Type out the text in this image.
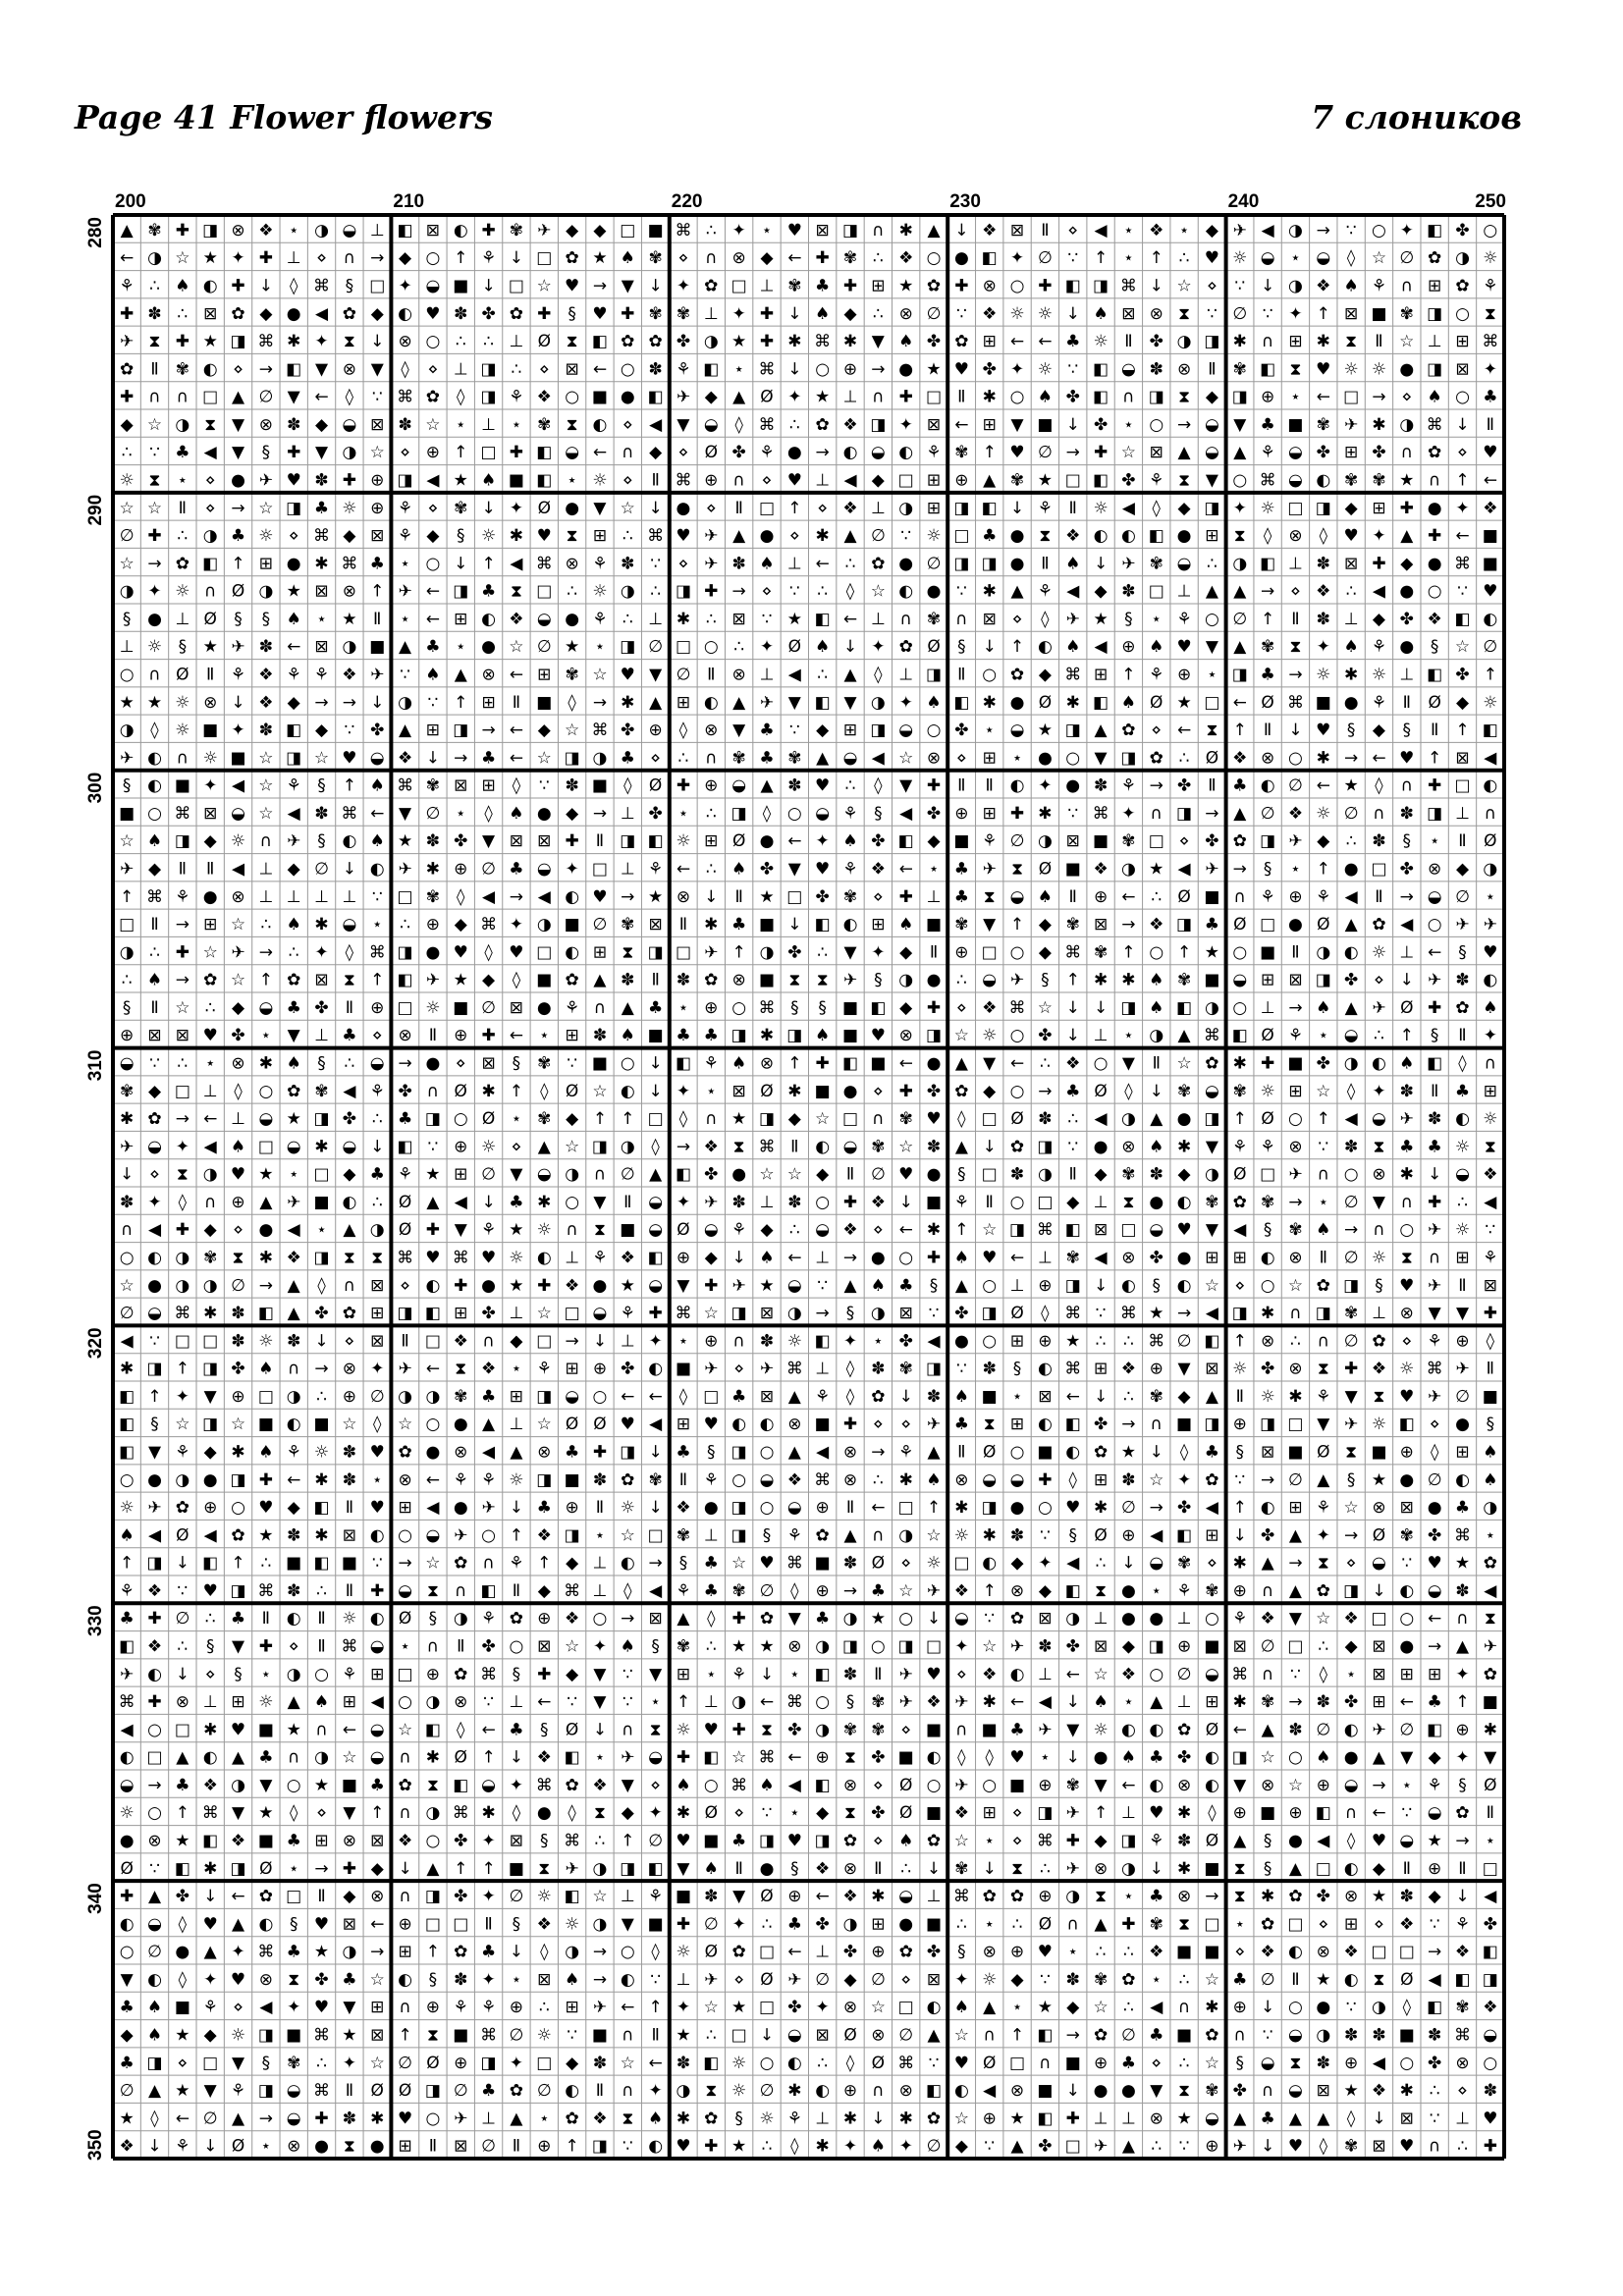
Page 41 Flower flowers	7 слоников
▲ ✾ ✚ ◨ ⊗ ❖ ⋆ ◑ ◒ ⊥ ◧ ⊠ ◐ ✚ ✾ ✈ ◆ ◆ □ ■ ⌘ ∴ ✦ ⋆ ♥ ⊠ ◨ ∩ ✱ ▲ ↓ ❖ ⊠ Ⅱ ⋄ ◀ ⋆ ❖ ⋆ ◆ ✈ ◀ ◑ → ∵ ○ ✦ ◧ ✤ ○
← ◑ ☆ ★ ✦ ✚ ⊥ ⋄ ∩ → ◆ ○ ↑ ⚘ ↓ □ ✿ ★ ♠ ✾ ⋄ ∩ ⊗ ◆ ← ✚ ✾ ∴ ❖ ○ ● ◧ ✦ ∅ ∵ ↑ ⋆ ↑ ∴ ♥ ☼ ◒ ⋆ ◒ ◊ ☆ ∅ ✿ ◑ ☼
⚘ ∴ ♠ ◐ ✚ ↓ ◊ ⌘ § □ ✦ ◒ ■ ↓ □ ☆ ♥ → ▼ ↓ ✦ ✿ □ ⊥ ✾ ♣ ✚ ⊞ ★ ✿ ✚ ⊗ ○ ✚ ◧ ◨ ⌘ ↓ ☆ ⋄ ∵ ↓ ◑ ❖ ♠ ⚘ ∩ ⊞ ✿ ⚘
✚ ✽ ∴ ⊠ ✿ ◆ ● ◀ ✿ ◆ ◐ ♥ ✽ ✤ ✿ ✚ § ♥ ✚ ✾ ✾ ⊥ ✦ ✚ ↓ ♠ ◆ ∴ ⊗ ∅ ∵ ❖ ☼ ☼ ↓ ♠ ⊠ ⊗ ⧗ ∵ ∅ ∵ ✦ ↑ ⊠ ■ ✾ ◨ ○ ⧗
✈ ⧗ ✚ ★ ◨ ⌘ ✱ ✦ ⧗ ↓ ⊗ ○ ∴ ∴ ⊥ Ø ⧗ ◧ ✿ ✿ ✤ ◑ ★ ✚ ✱ ⌘ ✱ ▼ ♠ ✤ ✿ ⊞ ← ← ♣ ☼ Ⅱ ✤ ◑ ◨ ✱ ∩ ⊞ ✱ ⧗ Ⅱ ☆ ⊥ ⊞ ⌘
✿ Ⅱ ✾ ◐ ⋄ → ◧ ▼ ⊗ ▼ ◊ ⋄ ⊥ ◨ ∴ ⋄ ⊠ ← ○ ✽ ⚘ ◧ ⋆ ⌘ ↓ ○ ⊕ → ● ★ ♥ ✤ ✦ ☼ ∵ ◧ ◒ ✽ ⊗ Ⅱ ✾ ◧ ⧗ ♥ ☼ ☼ ● ◨ ⊠ ✦
✚ ∩ ∩ □ ▲ ∅ ▼ ← ◊ ∵ ⌘ ✿ ◊ ◨ ⚘ ❖ ○ ■ ● ◧ ✈ ◆ ▲ Ø ✦ ★ ⊥ ∩ ✚ □ Ⅱ ✱ ○ ♠ ✤ ◧ ∩ ◨ ⧗ ◆ ◨ ⊕ ⋆ ← □ → ⋄ ♠ ○ ♣
◆ ☆ ◑ ⧗ ▼ ⊗ ✽ ◆ ◒ ⊠ ✽ ☆ ⋆ ⊥ ⋆ ✾ ⧗ ◐ ⋄ ◀ ▼ ◒ ◊ ⌘ ∴ ✿ ❖ ◨ ✦ ⊠ ← ⊞ ▼ ■ ↓ ✤ ⋆ ○ → ◒ ▼ ♣ ■ ✾ ✈ ✱ ◑ ⌘ ↓ Ⅱ
∴ ∵ ♣ ◀ ▼ § ✚ ▼ ◑ ☆ ⋄ ⊕ ↑ □ ✚ ◧ ◒ ← ∩ ◆ ⋄ Ø ✤ ⚘ ● → ◐ ◒ ◐ ⚘ ✾ ↑ ♥ ∅ → ✚ ☆ ⊠ ▲ ◒ ▲ ⚘ ◒ ✤ ⊞ ✤ ∩ ✿ ⋄ ♥
☼ ⧗ ⋆ ⋄ ● ✈ ♥ ✽ ✚ ⊕ ◨ ◀ ★ ♠ ■ ◧ ⋆ ☼ ⋄ Ⅱ ⌘ ⊕ ∩ ⋄ ♥ ⊥ ◀ ◆ □ ⊞ ⊕ ▲ ✾ ★ □ ◧ ✤ ⚘ ⧗ ▼ ○ ⌘ ◒ ◐ ✾ ✾ ★ ∩ ↑ ←
☆ ☆ Ⅱ ⋄ → ☆ ◨ ♣ ☼ ⊕ ⚘ ⋄ ✾ ↓ ✦ Ø ● ▼ ☆ ↓ ● ⋄ Ⅱ □ ↑ ⋄ ❖ ⊥ ◑ ⊞ ◨ ◧ ↓ ⚘ Ⅱ ☼ ◀ ◊ ◆ ◨ ✦ ☼ □ ◨ ◆ ⊞ ✚ ● ✦ ❖
∅ ✚ ∴ ◑ ♣ ☼ ⋄ ⌘ ◆ ⊠ ⚘ ◆ § ☼ ✱ ♥ ⧗ ⊞ ∴ ⌘ ♥ ✈ ▲ ● ⋄ ✱ ▲ ∅ ∵ ☼ □ ♣ ● ⧗ ❖ ◐ ◐ ◧ ● ⊞ ⧗ ◊ ⊗ ◊ ♥ ✦ ▲ ✚ ← ■
☆ → ✿ ◧ ↑ ⊞ ● ✱ ⌘ ♣ ⋆ ○ ↓ ↑ ◀ ⌘ ⊗ ⚘ ✽ ∵ ⋄ ✈ ✽ ♠ ⊥ ← ∴ ✿ ● ∅ ◨ ◨ ● Ⅱ ♠ ↓ ✈ ✾ ◒ ∴ ◑ ◧ ⊥ ✽ ⊠ ✚ ◆ ● ⌘ ■
◑ ✦ ☼ ∩ Ø ◑ ★ ⊠ ⊗ ↑ ✈ ← ◨ ♣ ⧗ □ ∴ ☼ ◑ ∴ ◨ ✚ → ⋄ ∵ ∴ ◊ ☆ ◐ ● ∵ ✱ ▲ ⚘ ◀ ◆ ✽ □ ⊥ ▲ ▲ → ⋄ ❖ ∴ ◀ ● ○ ∵ ♥
§ ● ⊥ Ø § § ♠ ⋆ ★ Ⅱ ⋆ ← ⊞ ◐ ❖ ◒ ● ⚘ ∴ ⊥ ✱ ∴ ⊠ ∵ ★ ◧ ← ⊥ ∩ ✾ ∩ ⊠ ⋄ ◊ ✈ ★ § ⋆ ⚘ ○ ∅ ↑ Ⅱ ✽ ⊥ ◆ ✤ ❖ ◧ ◐
⊥ ☼ § ★ ✈ ✽ ← ⊠ ◑ ■ ▲ ♣ ⋆ ● ☆ ∅ ★ ⋆ ◨ ∅ □ ○ ∴ ✦ Ø ♠ ↓ ✦ ✿ Ø § ↓ ↑ ◐ ♠ ◀ ⊕ ♠ ♥ ▼ ▲ ✾ ⧗ ✦ ♠ ⚘ ● § ☆ ∅
○ ∩ Ø Ⅱ ⚘ ❖ ⚘ ⚘ ❖ ✈ ∵ ♠ ▲ ⊗ ← ⊞ ✾ ☆ ♥ ▼ ∅ Ⅱ ⊗ ⊥ ◀ ∴ ▲ ◊ ⊥ ◨ Ⅱ ○ ✿ ◆ ⌘ ⊞ ↑ ⚘ ⊕ ⋆ ◨ ♣ → ☼ ✱ ☼ ⊥ ◧ ✤ ↑
★ ★ ☼ ⊗ ↓ ❖ ◆ → → ↓ ◑ ∵ ↑ ⊞ Ⅱ ■ ◊ → ✱ ▲ ⊞ ◐ ▲ ✈ ▼ ◧ ▼ ◑ ✦ ♠ ◧ ✱ ● Ø ✱ ◧ ♠ Ø ★ □ ← Ø ⌘ ■ ● ⚘ Ⅱ Ø ◆ ☼
◑ ◊ ☼ ■ ✦ ✽ ◧ ◆ ∵ ✤ ▲ ⊞ ◨ → ← ◆ ☆ ⌘ ✤ ⊕ ◊ ⊗ ▼ ♣ ∵ ◆ ⊞ ◨ ◒ ○ ✤ ⋆ ◒ ★ ◨ ▲ ✿ ⋄ ← ⧗ ↑ Ⅱ ↓ ♥ § ◆ § Ⅱ ↑ ◧
✈ ◐ ∩ ☼ ■ ☆ ◨ ☆ ♥ ◒ ❖ ↓ → ♣ ← ☆ ◨ ◑ ♣ ⋄ ∴ ∩ ✾ ♣ ✾ ▲ ◒ ◀ ☆ ⊗ ⋄ ⊞ ⋆ ● ○ ▼ ◨ ✿ ∴ Ø ❖ ⊗ ○ ✱ → ← ♥ ↑ ⊠ ◀
§ ◐ ■ ✦ ◀ ☆ ⚘ § ↑ ♠ ⌘ ✾ ⊠ ⊞ ◊ ∵ ✽ ■ ◊ Ø ✚ ⊕ ◒ ▲ ✽ ♥ ∴ ◊ ▼ ✚ Ⅱ Ⅱ ◐ ✦ ● ✽ ⚘ → ✤ Ⅱ ♣ ◐ ∅ ← ★ ◊ ∩ ✚ □ ◐
■ ○ ⌘ ⊠ ◒ ☆ ◀ ✽ ⌘ ← ▼ ∅ ⋆ ◊ ♠ ● ◆ → ⊥ ✤ ⋆ ∴ ◨ ◊ ○ ◒ ⚘ § ◀ ✤ ⊕ ⊞ ✚ ✱ ∵ ⌘ ✦ ∩ ◨ → ▲ ∅ ❖ ☼ ∅ ∩ ✽ ◨ ⊥ ∩
☆ ♠ ◨ ◆ ☼ ∩ ✈ § ◐ ♠ ★ ✽ ✤ ▼ ⊠ ⊠ ✚ Ⅱ ◨ ◧ ☼ ⊞ Ø ● ← ✦ ♠ ✤ ◧ ◆ ■ ⚘ ∅ ◑ ⊠ ■ ✾ □ ⋄ ✤ ✿ ◨ ✈ ◆ ∴ ✽ § ⋆ Ⅱ Ø
✈ ◆ Ⅱ Ⅱ ◀ ⊥ ◆ ∅ ↓ ◐ ✈ ✱ ⊕ ∅ ♣ ◒ ✦ □ ⊥ ⚘ ← ∴ ♠ ✤ ▼ ♥ ⚘ ❖ ← ⋆ ♣ ✈ ⧗ Ø ■ ❖ ◑ ★ ◀ ✈ → § ⋆ ↑ ● □ ✤ ⊗ ◆ ◑
↑ ⌘ ⚘ ● ⊗ ⊥ ⊥ ⊥ ⊥ ∵ □ ✾ ◊ ◀ → ◀ ◐ ♥ → ★ ⊗ ↓ Ⅱ ★ □ ✤ ✾ ⋄ ✚ ⊥ ♣ ⧗ ◒ ♠ Ⅱ ⊕ ← ∴ Ø ■ ∩ ⚘ ⊕ ⚘ ◀ Ⅱ → ◒ ∅ ⋆
□ Ⅱ → ⊞ ☆ ∴ ♠ ✱ ◒ ⋆ ∴ ⊕ ◆ ⌘ ✦ ◑ ■ ∅ ✾ ⊠ Ⅱ ✱ ♣ ■ ↓ ◧ ◐ ⊞ ♠ ■ ✾ ▼ ↑ ◆ ✾ ⊠ → ❖ ◨ ♣ Ø □ ● Ø ▲ ✿ ◀ ○ ✈ ✈
◑ ∴ ✚ ☆ ✈ → ∴ ✦ ◊ ⌘ ◨ ● ♥ ◊ ♥ □ ◐ ⊞ ⧗ ◨ □ ✈ ↑ ◑ ✤ ∴ ▼ ✦ ◆ Ⅱ ⊕ □ ○ ◆ ⌘ ✾ ↑ ○ ↑ ★ ○ ■ Ⅱ ◑ ◐ ☼ ⊥ ← § ♥
∴ ♠ → ✿ ☆ ↑ ✿ ⊠ ⧗ ↑ ◧ ✈ ★ ◆ ◊ ■ ✿ ▲ ✽ Ⅱ ✽ ✿ ⊗ ■ ⧗ ⧗ ✈ § ◑ ● ∴ ◒ ✈ § ↑ ✱ ✱ ♠ ✾ ■ ◒ ⊞ ⊠ ◨ ✤ ⋄ ↓ ✈ ✽ ◐
§ Ⅱ ☆ ∴ ◆ ◒ ♣ ✤ Ⅱ ⊕ □ ☼ ■ ∅ ⊠ ● ⚘ ∩ ▲ ♣ ⋆ ⊕ ○ ⌘ § § ■ ◧ ◆ ✚ ⋄ ❖ ⌘ ☆ ↓ ↓ ◨ ♠ ◧ ◑ ○ ⊥ → ♠ ▲ ✈ Ø ✚ ✿ ♠
⊕ ⊠ ⊠ ♥ ✤ ⋆ ▼ ⊥ ♣ ⋄ ⊗ Ⅱ ⊕ ✚ ← ⋆ ⊞ ✽ ♠ ■ ♣ ♣ ◨ ✱ ◨ ♠ ■ ♥ ⊗ ◨ ☆ ☼ ○ ✤ ↓ ⊥ ⋆ ◑ ▲ ⌘ ◧ Ø ⚘ ⋆ ◒ ∴ ↑ § Ⅱ ✦
◒ ∵ ∴ ⋆ ⊗ ✱ ♠ § ∴ ◒ → ● ⋄ ⊠ § ✾ ∵ ■ ○ ↓ ◧ ⚘ ♠ ⊗ ↑ ✚ ◧ ■ ← ● ▲ ▼ ← ∴ ❖ ○ ▼ Ⅱ ☆ ✿ ✱ ✚ ■ ✤ ◑ ◐ ♠ ◧ ◊ ∩
✾ ◆ □ ⊥ ◊ ○ ✿ ✾ ◀ ⚘ ✤ ∩ Ø ✱ ↑ ◊ Ø ☆ ◐ ↓ ✦ ⋆ ⊠ Ø ✱ ■ ● ⋄ ✚ ✤ ✿ ◆ ○ → ♣ Ø ◊ ↓ ✾ ◒ ✾ ☼ ⊞ ☆ ◊ ✦ ✽ Ⅱ ♣ ⊞
✱ ✿ → ← ⊥ ◒ ★ ◨ ✤ ∴ ♣ ◨ ○ Ø ⋆ ✾ ◆ ↑ ↑ □ ◊ ∩ ★ ◨ ◆ ☆ □ ∩ ✾ ♥ ◊ □ Ø ✽ ∴ ◀ ◑ ▲ ● ◨ ↑ Ø ○ ↑ ◀ ◒ ✈ ✽ ◐ ☼
✈ ◒ ✦ ◀ ♠ □ ◒ ✱ ◒ ↓ ◧ ∵ ⊕ ☼ ⋄ ▲ ☆ ◨ ◑ ◊ → ❖ ⧗ ⌘ Ⅱ ◐ ◒ ✾ ☆ ✽ ▲ ↓ ✿ ◨ ∵ ● ⊗ ♠ ✱ ▼ ⚘ ⚘ ⊗ ∵ ✽ ⧗ ♣ ♣ ☼ ⧗
↓ ⋄ ⧗ ◑ ♥ ★ ⋆ □ ◆ ♣ ⚘ ★ ⊞ ∅ ▼ ◒ ◑ ∩ ∅ ▲ ◧ ✤ ● ☆ ☆ ◆ Ⅱ ∅ ♥ ● § □ ✽ ◑ Ⅱ ◆ ✾ ✽ ◆ ◑ Ø □ ✈ ∩ ○ ⊗ ✱ ↓ ◒ ❖
✽ ✦ ◊ ∩ ⊕ ▲ ✈ ■ ◐ ∴ Ø ▲ ◀ ↓ ♣ ✱ ○ ▼ Ⅱ ◒ ✦ ✈ ✽ ⊥ ✽ ○ ✚ ❖ ↓ ■ ⚘ Ⅱ ○ □ ◆ ⊥ ⧗ ● ◐ ✾ ✿ ✾ → ⋆ ∅ ▼ ∩ ✚ ∴ ◀
∩ ◀ ✚ ◆ ⋄ ● ◀ ⋆ ▲ ◑ Ø ✚ ▼ ⚘ ★ ☼ ∩ ⧗ ■ ◒ Ø ◒ ⚘ ◆ ∴ ◒ ❖ ⋄ ← ✱ ↑ ☆ ◨ ⌘ ◧ ⊠ □ ◒ ♥ ▼ ◀ § ✾ ♠ → ∩ ○ ✈ ☼ ∵
○ ◐ ◑ ✾ ⧗ ✱ ❖ ◨ ⧗ ⧗ ⌘ ♥ ⌘ ♥ ☼ ◐ ⊥ ⚘ ❖ ◧ ⊕ ◆ ↓ ♠ ← ⊥ → ● ○ ✚ ♠ ♥ ← ⊥ ✾ ◀ ⊗ ✤ ● ⊞ ⊞ ◐ ⊗ Ⅱ ∅ ☼ ⧗ ∩ ⊞ ⚘
☆ ● ◑ ◑ ∅ → ▲ ◊ ∩ ⊠ ⋄ ◐ ✚ ● ★ ✚ ❖ ● ★ ◒ ▼ ✚ ✈ ★ ◒ ∵ ▲ ♠ ♣ § ▲ ○ ⊥ ⊕ ◨ ↓ ◐ § ◐ ☆ ⋄ ○ ☆ ✿ ◨ § ♥ ✈ Ⅱ ⊠
∅ ◒ ⌘ ✱ ✽ ◧ ▲ ✤ ✿ ⊞ ◨ ◧ ⊞ ✤ ⊥ ☆ □ ◒ ⚘ ✚ ⌘ ☆ ◨ ⊠ ◑ → § ◑ ⊠ ∵ ✤ ◨ Ø ◊ ⌘ ∵ ⌘ ★ → ◀ ◨ ✱ ∩ ◨ ✾ ⊥ ⊗ ▼ ▼ ✚
◀ ∵ □ □ ✽ ☼ ✽ ↓ ⋄ ⊠ Ⅱ □ ❖ ∩ ◆ □ → ↓ ⊥ ✦ ⋆ ⊕ ∩ ✽ ☼ ◧ ✦ ⋆ ✤ ◀ ● ○ ⊞ ⊕ ★ ∴ ∴ ⌘ ∅ ◧ ↑ ⊗ ∴ ∩ ∅ ✿ ⋄ ⚘ ⊕ ◊
✱ ◨ ↑ ◨ ✤ ♠ ∩ → ⊗ ✦ ✈ ← ⧗ ❖ ⋆ ⚘ ⊞ ⊕ ✤ ◐ ■ ✈ ⋄ ✈ ⌘ ⊥ ◊ ✽ ✾ ◨ ∵ ✽ § ◐ ⌘ ⊞ ❖ ⊕ ▼ ⊠ ☼ ✤ ⊗ ⧗ ✚ ❖ ☼ ⌘ ✈ Ⅱ
◧ ↑ ✦ ▼ ⊕ □ ◑ ∴ ⊕ ∅ ◑ ◑ ✾ ♣ ⊞ ◨ ◒ ○ ← ← ◊ □ ♣ ⊠ ▲ ⚘ ◊ ✿ ↓ ✽ ♠ ■ ⋆ ⊠ ← ↓ ∴ ✾ ◆ ▲ Ⅱ ☼ ✱ ⚘ ▼ ⧗ ♥ ✈ ∅ ■
◧ § ☆ ◨ ☆ ■ ◐ ■ ☆ ◊ ☆ ○ ● ▲ ⊥ ☆ Ø Ø ♥ ◀ ⊞ ♥ ◐ ◐ ⊗ ■ ✚ ⋄ ⋄ ✈ ♣ ⧗ ⊞ ◐ ◧ ✤ → ∩ ■ ◨ ⊕ ◨ □ ▼ ✈ ☼ ◧ ⋄ ● §
◧ ▼ ⚘ ◆ ✱ ♠ ⚘ ☼ ✽ ♥ ✿ ● ⊗ ◀ ▲ ⊗ ♣ ✚ ◨ ↓ ♣ § ◨ ○ ▲ ◀ ⊗ → ⚘ ▲ Ⅱ Ø ○ ■ ◐ ✿ ★ ↓ ◊ ♣ § ⊠ ■ Ø ⧗ ■ ⊕ ◊ ⊞ ♠
○ ● ◑ ● ◨ ✚ ← ✱ ✽ ⋆ ⊗ ← ⚘ ⚘ ☼ ◨ ■ ✽ ✿ ✾ Ⅱ ⚘ ○ ◒ ❖ ⌘ ⊗ ∴ ✱ ♠ ⊗ ◒ ◒ ✚ ◊ ⊞ ✽ ☆ ✦ ✿ ∵ → ∅ ▲ § ★ ● ∅ ◐ ♠
☼ ✈ ✿ ⊕ ○ ♥ ◆ ◧ Ⅱ ♥ ⊞ ◀ ● ✈ ↓ ♣ ⊕ Ⅱ ☼ ↓ ❖ ● ◨ ○ ◒ ⊕ Ⅱ ← □ ↑ ✱ ◨ ● ○ ♥ ✱ ∅ → ✤ ◀ ↑ ◐ ⊞ ⚘ ☆ ⊗ ⊠ ● ♣ ◑
♠ ◀ Ø ◀ ✿ ★ ✽ ✱ ⊠ ◐ ○ ◒ ✈ ○ ↑ ❖ ◨ ⋆ ☆ □ ✾ ⊥ ◨ § ⚘ ✿ ▲ ∩ ◑ ☆ ☼ ✱ ✽ ∵ § Ø ⊕ ◀ ◧ ⊞ ↓ ✤ ▲ ✦ → Ø ✾ ✤ ⌘ ⋆
↑ ◨ ↓ ◧ ↑ ∴ ■ ◧ ■ ∵ → ☆ ✿ ∩ ⚘ ↑ ◆ ⊥ ◐ → § ♣ ☆ ♥ ⌘ ■ ✽ Ø ⋄ ☼ □ ◐ ◆ ✦ ◀ ∴ ↓ ◒ ✾ ⋄ ✱ ▲ → ⧗ ⋄ ◒ ∵ ♥ ★ ✿
⚘ ❖ ∵ ♥ ◨ ⌘ ✽ ∴ Ⅱ ✚ ◒ ⧗ ∩ ◧ Ⅱ ◆ ⌘ ⊥ ◊ ◀ ⚘ ♣ ✾ ∅ ◊ ⊕ → ♣ ☆ ✈ ❖ ↑ ⊗ ◆ ◧ ⧗ ● ⋆ ⚘ ✾ ⊕ ∩ ▲ ✿ ◨ ↓ ◐ ◒ ✽ ◀
♣ ✚ ∅ ∴ ♣ Ⅱ ◐ Ⅱ ☼ ◐ Ø § ◑ ⚘ ✿ ⊕ ❖ ○ → ⊠ ▲ ◊ ✚ ✿ ▼ ♣ ◑ ★ ○ ↓ ◒ ∵ ✿ ⊠ ◑ ⊥ ● ● ⊥ ○ ⚘ ❖ ▼ ☆ ❖ □ ○ ← ∩ ⧗
◧ ❖ ∴ § ▼ ✚ ⋄ Ⅱ ⌘ ◒ ⋆ ∩ Ⅱ ✤ ○ ⊠ ☆ ✦ ♠ § ✾ ∴ ★ ★ ⊗ ◑ ◨ ○ ◨ □ ✦ ☆ ✈ ✽ ✤ ⊠ ◆ ◨ ⊕ ■ ⊠ ∅ □ ∴ ◆ ⊠ ● → ▲ ✈
✈ ◐ ↓ ⋄ § ⋆ ◑ ○ ⚘ ⊞ □ ⊕ ✿ ⌘ § ✚ ◆ ▼ ∵ ▼ ⊞ ⋆ ⚘ ↓ ⋆ ◧ ✽ Ⅱ ✈ ♥ ⋄ ❖ ◐ ⊥ ← ☆ ❖ ○ ∅ ◒ ⌘ ∩ ∵ ◊ ⋆ ⊠ ⊞ ⊞ ✦ ✿
⌘ ✚ ⊗ ⊥ ⊞ ☼ ▲ ♠ ⊞ ◀ ○ ◑ ⊗ ∵ ⊥ ← ∵ ▼ ∵ ⋆ ↑ ⊥ ◑ ← ⌘ ○ § ✾ ✈ ❖ ✈ ✱ ← ◀ ↓ ♠ ⋆ ▲ ⊥ ⊞ ✱ ✾ → ✽ ✤ ⊞ ← ♣ ↑ ■
◀ ○ □ ✱ ♥ ■ ★ ∩ ← ◒ ☆ ◧ ◊ ← ♣ § Ø ↓ ∩ ⧗ ☼ ♥ ✚ ⧗ ✤ ◑ ✾ ✾ ⋄ ■ ∩ ■ ♣ ✈ ▼ ☼ ◐ ◐ ✿ Ø ← ▲ ✽ ∅ ◐ ✈ ∅ ◧ ⊕ ✱
◐ □ ▲ ◐ ▲ ♣ ∩ ◑ ☆ ◒ ∩ ✱ Ø ↑ ↓ ❖ ◧ ⋆ ✈ ◒ ✚ ◧ ☆ ⌘ ← ⊕ ⧗ ✤ ■ ◐ ◊ ◊ ♥ ⋆ ↓ ● ♠ ♣ ✤ ◐ ◨ ☆ ○ ♠ ● ▲ ▼ ◆ ✦ ▼
◒ → ♣ ❖ ◑ ▼ ○ ★ ■ ♣ ✿ ⧗ ◧ ◒ ✦ ⌘ ✿ ❖ ▼ ⋄ ♠ ○ ⌘ ♠ ◀ ◧ ⊗ ⋄ Ø ○ ✈ ○ ■ ⊕ ✾ ▼ ← ◐ ⊗ ◐ ▼ ⊗ ☆ ⊕ ◒ → ⋆ ⚘ § Ø
☼ ○ ↑ ⌘ ▼ ★ ◊ ⋄ ▼ ↑ ∩ ◑ ⌘ ✱ ◊ ● ◊ ⧗ ◆ ✦ ✱ Ø ⋄ ∵ ⋆ ◆ ⧗ ✤ Ø ■ ❖ ⊞ ⋄ ◨ ✈ ↑ ⊥ ♥ ✱ ◊ ⊕ ■ ⊕ ◧ ∩ ← ∵ ◒ ✿ Ⅱ
● ⊗ ★ ◧ ❖ ■ ♣ ⊞ ⊗ ⊠ ❖ ○ ✤ ✦ ⊠ § ⌘ ∴ ↑ ∅ ♥ ■ ♣ ◨ ♥ ◨ ✿ ⋄ ♠ ✿ ☆ ⋆ ⋄ ⌘ ✚ ◆ ◨ ⚘ ✽ Ø ▲ § ● ◀ ◊ ♥ ◒ ★ → ⋆
Ø ∵ ◧ ✱ ◨ Ø ⋆ → ✚ ◆ ↓ ▲ ↑ ↑ ■ ⧗ ✈ ◑ ◨ ◧ ▼ ♠ Ⅱ ● § ❖ ⊗ Ⅱ ∴ ↓ ✾ ↓ ⧗ ∴ ✈ ⊗ ◑ ↓ ✱ ■ ⧗ § ▲ □ ◐ ◆ Ⅱ ⊕ Ⅱ □
✚ ▲ ✤ ↓ ← ✿ □ Ⅱ ◆ ⊗ ∩ ◨ ✤ ✦ ∅ ☼ ◧ ☆ ⊥ ⚘ ■ ✽ ▼ Ø ⊕ ← ❖ ✱ ◒ ⊥ ⌘ ✿ ✿ ⊕ ◑ ⧗ ⋆ ♣ ⊗ → ⧗ ✱ ✿ ✤ ⊗ ★ ✽ ◆ ↓ ◀
◐ ◒ ◊ ♥ ▲ ◐ § ♥ ⊠ ← ⊕ □ □ Ⅱ § ❖ ☼ ◑ ▼ ■ ✚ ∅ ✦ ∴ ♣ ✤ ◑ ⊞ ● ■ ∴ ⋆ ∴ Ø ∩ ▲ ✚ ✾ ⧗ □ ⋆ ✿ □ ⋄ ⊞ ⋄ ❖ ∵ ⚘ ✤
○ ∅ ● ▲ ✦ ⌘ ♣ ★ ◑ → ⊞ ↑ ✿ ♣ ↓ ◊ ◑ → ○ ◊ ☼ Ø ✿ □ ← ⊥ ✤ ⊕ ✿ ✤ § ⊗ ⊕ ♥ ⋆ ∴ ∴ ❖ ■ ■ ⋄ ❖ ◐ ⊗ ❖ □ □ → ❖ ◧
▼ ◐ ◊ ✦ ♥ ⊗ ⧗ ✤ ♣ ☆ ◐ § ✽ ✦ ⋆ ⊠ ♠ → ◐ ∵ ⊥ ✈ ⋄ Ø ✈ ∅ ◆ ∅ ⋄ ⊠ ✦ ☼ ◆ ∵ ✽ ✾ ✿ ⋆ ∴ ☆ ♣ ∅ Ⅱ ★ ◐ ⧗ Ø ◀ ◧ ◨
♣ ♠ ■ ⚘ ⋄ ◀ ✦ ♥ ▼ ⊞ ∩ ⊕ ⚘ ⚘ ⊕ ∴ ⊞ ✈ ← ↑ ✦ ☆ ★ □ ✤ ✦ ⊗ ☆ □ ◐ ♠ ▲ ⋆ ★ ◆ ☆ ∴ ◀ ∩ ✱ ⊕ ↓ ○ ● ∵ ◑ ◊ ◧ ✾ ❖
◆ ♠ ★ ◆ ☼ ◨ ■ ⌘ ★ ⊠ ↑ ⧗ ■ ⌘ ∅ ☼ ∵ ■ ∩ Ⅱ ★ ∴ □ ↓ ◒ ⊠ Ø ⊗ ∅ ▲ ☆ ∩ ↑ ◧ → ✿ ∅ ♣ ■ ✿ ∩ ∵ ◒ ◑ ✽ ✽ ■ ✽ ⌘ ◒
♣ ◨ ⋄ □ ▼ § ✾ ∴ ✦ ☆ ∅ Ø ⊕ ◨ ✦ □ ◆ ✽ ☆ ← ✽ ◧ ☼ ○ ◐ ∴ ◊ Ø ⌘ ∵ ♥ Ø □ ∩ ■ ⊕ ♣ ⋄ ∴ ☆ § ◒ ⧗ ✽ ⊕ ◀ ○ ✤ ⊗ ○
∅ ▲ ★ ▼ ⚘ ◨ ◒ ⌘ Ⅱ Ø Ø ◨ ∅ ♣ ✿ ∅ ◐ Ⅱ ∩ ✦ ◑ ⧗ ☼ ∅ ✱ ◐ ⊕ ∩ ⊗ ◧ ◐ ◀ ⊗ ■ ↓ ● ● ▼ ⧗ ✾ ✤ ∩ ◒ ⊠ ★ ❖ ✱ ∴ ⋄ ✽
★ ◊ ← ∅ ▲ → ◒ ✚ ✽ ✱ ♥ ○ ✈ ⊥ ▲ ⋆ ✿ ❖ ⧗ ♠ ✱ ✿ § ☼ ⚘ ⊥ ✱ ↓ ✱ ✿ ☆ ⊕ ★ ◧ ✚ ⊥ ⊥ ⊗ ★ ◒ ▲ ♣ ▲ ▲ ◊ ↓ ⊠ ∵ ⊥ ♥
❖ ↓ ⚘ ↓ Ø ⋆ ⊗ ● ⧗ ● ⊞ Ⅱ ⊠ ∅ Ⅱ ⊕ ↑ ◨ ∵ ◐ ♥ ✚ ★ ∴ ◊ ✱ ✦ ♠ ✦ ∅ ◆ ∵ ▲ ✤ □ ✈ ▲ ∴ ∵ ⊕ ✈ ↓ ♥ ◊ ✾ ⊠ ♥ ∩ ∴ ✚
200	210	220	230	240	250
280
290
300
310
320
330
340
350
